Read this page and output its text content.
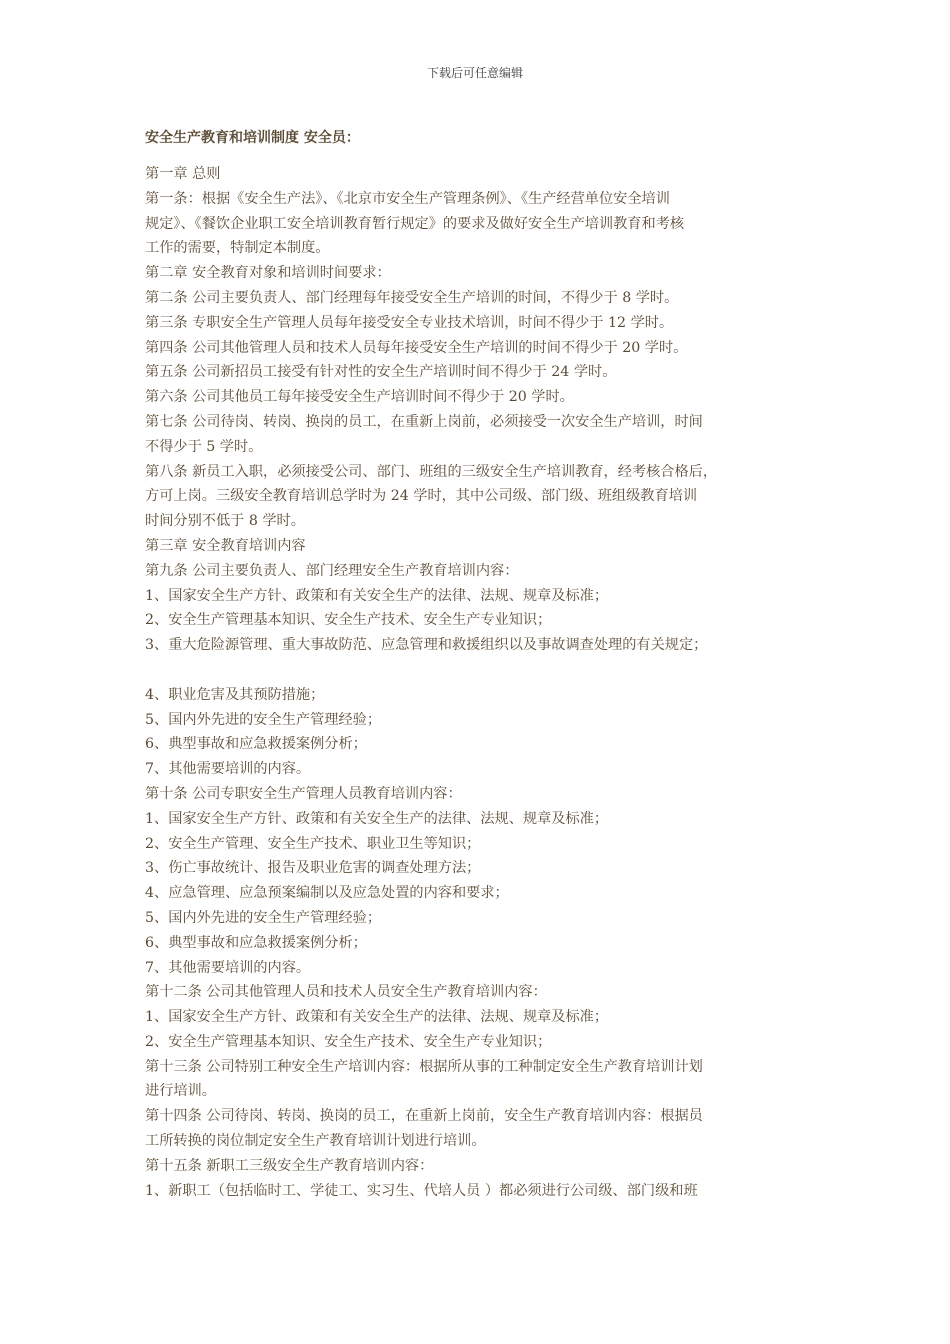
下载后可任意编辑
安全生产教育和培训制度 安全员：
第一章 总则
第一条：根据《安全生产法》、《北京市安全生产管理条例》、《生产经营单位安全培训
规定》、《餐饮企业职工安全培训教育暂行规定》的要求及做好安全生产培训教育和考核
工作的需要，特制定本制度。
第二章 安全教育对象和培训时间要求：
第二条 公司主要负责人、部门经理每年接受安全生产培训的时间，不得少于 8 学时。
第三条 专职安全生产管理人员每年接受安全专业技术培训，时间不得少于 12 学时。
第四条 公司其他管理人员和技术人员每年接受安全生产培训的时间不得少于 20 学时。
第五条 公司新招员工接受有针对性的安全生产培训时间不得少于 24 学时。
第六条 公司其他员工每年接受安全生产培训时间不得少于 20 学时。
第七条 公司待岗、转岗、换岗的员工，在重新上岗前，必须接受一次安全生产培训，时间
不得少于 5 学时。
第八条 新员工入职，必须接受公司、部门、班组的三级安全生产培训教育，经考核合格后，
方可上岗。三级安全教育培训总学时为 24 学时，其中公司级、部门级、班组级教育培训
时间分别不低于 8 学时。
第三章 安全教育培训内容
第九条 公司主要负责人、部门经理安全生产教育培训内容：
1、国家安全生产方针、政策和有关安全生产的法律、法规、规章及标准；
2、安全生产管理基本知识、安全生产技术、安全生产专业知识；
3、重大危险源管理、重大事故防范、应急管理和救援组织以及事故调查处理的有关规定；
4、职业危害及其预防措施；
5、国内外先进的安全生产管理经验；
6、典型事故和应急救援案例分析；
7、其他需要培训的内容。
第十条 公司专职安全生产管理人员教育培训内容：
1、国家安全生产方针、政策和有关安全生产的法律、法规、规章及标准；
2、安全生产管理、安全生产技术、职业卫生等知识；
3、伤亡事故统计、报告及职业危害的调查处理方法；
4、应急管理、应急预案编制以及应急处置的内容和要求；
5、国内外先进的安全生产管理经验；
6、典型事故和应急救援案例分析；
7、其他需要培训的内容。
第十二条 公司其他管理人员和技术人员安全生产教育培训内容：
1、国家安全生产方针、政策和有关安全生产的法律、法规、规章及标准；
2、安全生产管理基本知识、安全生产技术、安全生产专业知识；
第十三条 公司特别工种安全生产培训内容：根据所从事的工种制定安全生产教育培训计划
进行培训。
第十四条 公司待岗、转岗、换岗的员工，在重新上岗前，安全生产教育培训内容：根据员
工所转换的岗位制定安全生产教育培训计划进行培训。
第十五条 新职工三级安全生产教育培训内容：
1、新职工（包括临时工、学徒工、实习生、代培人员 ）都必须进行公司级、部门级和班
